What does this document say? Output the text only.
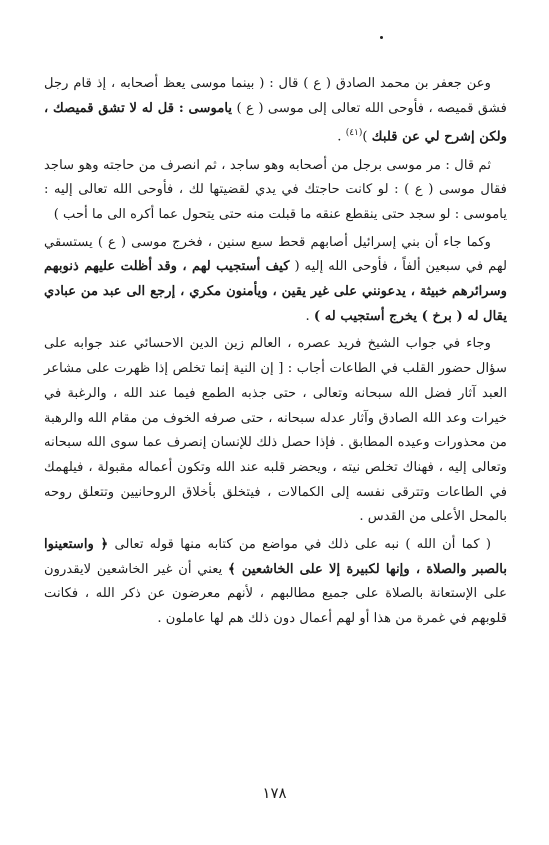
وعن جعفر بن محمد الصادق ( ع ) قال : ( بينما موسى يعظ أصحابه ، إذ قام رجل فشق قميصه ، فأوحى الله تعالى إلى موسى ( ع ) ياموسى : قل له لا تشق قميصك ، ولكن إشرح لي عن قلبك )$^{(٤١)}$ .

ثم قال : مر موسى برجل من أصحابه وهو ساجد ، ثم انصرف من حاجته وهو ساجد فقال موسى ( ع ) : لو كانت حاجتك في يدي لقضيتها لك ، فأوحى الله تعالى إليه : ياموسى : لو سجد حتى ينقطع عنقه ما قبلت منه حتى يتحول عما أكره الى ما أحب )

وكما جاء أن بني إسرائيل أصابهم قحط سبع سنين ، فخرج موسى ( ع ) يستسقي لهم في سبعين ألفاً ، فأوحى الله إليه ( كيف أستجيب لهم ، وقد أظلت عليهم ذنوبهم وسرائرهم خبيثة ، يدعونني على غير يقين ، ويأمنون مكري ، إرجع الى عبد من عبادي يقال له ( برخ ) يخرج أستجيب له ) .

وجاء في جواب الشيخ فريد عصره ، العالم زين الدين الاحسائي عند جوابه على سؤال حضور القلب في الطاعات أجاب : [ إن النية إنما تخلص إذا ظهرت على مشاعر العبد آثار فضل الله سبحانه وتعالى ، حتى جذبه الطمع فيما عند الله ، والرغبة في خيرات وعد الله الصادق وآثار عدله سبحانه ، حتى صرفه الخوف من مقام الله والرهبة من محذورات وعيده المطابق . فإذا حصل ذلك للإنسان إنصرف عما سوى الله سبحانه وتعالى إليه ، فهناك تخلص نيته ، ويحضر قلبه عند الله وتكون أعماله مقبولة ، فيلهمك في الطاعات وتترقى نفسه إلى الكمالات ، فيتخلق بأخلاق الروحانيين وتتعلق روحه بالمحل الأعلى من القدس .

( كما أن الله ) نبه على ذلك في مواضع من كتابه منها قوله تعالى ﴿ واستعينوا بالصبر والصلاة ، وإنها لكبيرة إلا على الخاشعين ﴾ يعني أن غير الخاشعين لايقدرون على الإستعانة بالصلاة على جميع مطالبهم ، لأنهم معرضون عن ذكر الله ، فكانت قلوبهم في غمرة من هذا أو لهم أعمال دون ذلك هم لها عاملون .

١٧٨
